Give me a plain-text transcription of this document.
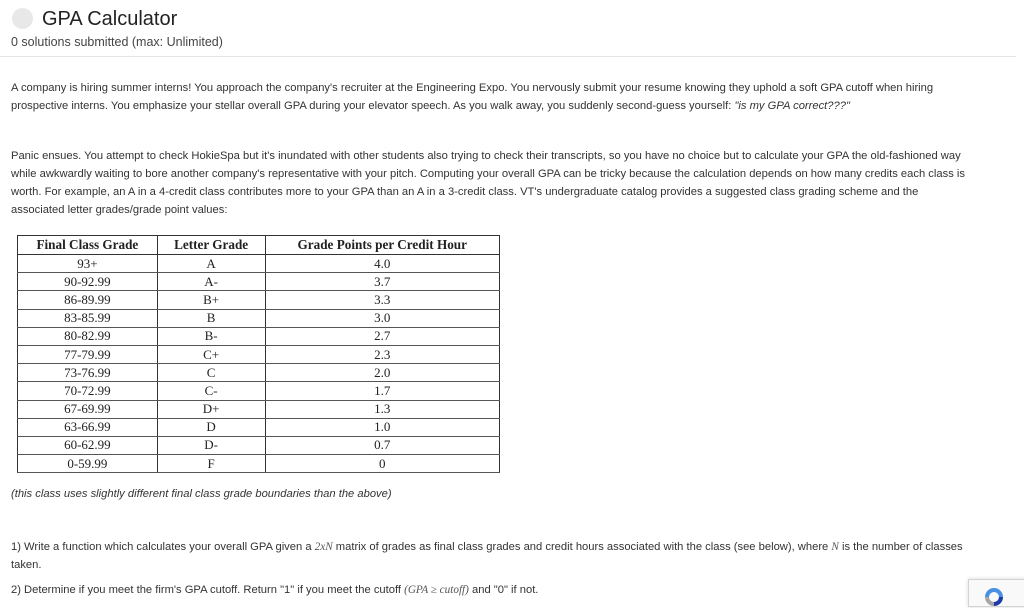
GPA Calculator
0 solutions submitted (max: Unlimited)

A company is hiring summer interns! You approach the company's recruiter at the Engineering Expo. You nervously submit your resume knowing they uphold a soft GPA cutoff when hiring prospective interns. You emphasize your stellar overall GPA during your elevator speech. As you walk away, you suddenly second-guess yourself: "is my GPA correct???"

Panic ensues. You attempt to check HokieSpa but it's inundated with other students also trying to check their transcripts, so you have no choice but to calculate your GPA the old-fashioned way while awkwardly waiting to bore another company's representative with your pitch. Computing your overall GPA can be tricky because the calculation depends on how many credits each class is worth. For example, an A in a 4-credit class contributes more to your GPA than an A in a 3-credit class. VT's undergraduate catalog provides a suggested class grading scheme and the associated letter grades/grade point values:

Final Class Grade	Letter Grade	Grade Points per Credit Hour
93+	A	4.0
90-92.99	A-	3.7
86-89.99	B+	3.3
83-85.99	B	3.0
80-82.99	B-	2.7
77-79.99	C+	2.3
73-76.99	C	2.0
70-72.99	C-	1.7
67-69.99	D+	1.3
63-66.99	D	1.0
60-62.99	D-	0.7
0-59.99	F	0
(this class uses slightly different final class grade boundaries than the above)
1) Write a function which calculates your overall GPA given a 2xN matrix of grades as final class grades and credit hours associated with the class (see below), where N is the number of classes taken.
2) Determine if you meet the firm's GPA cutoff. Return "1" if you meet the cutoff (GPA ≥ cutoff) and "0" if not.
